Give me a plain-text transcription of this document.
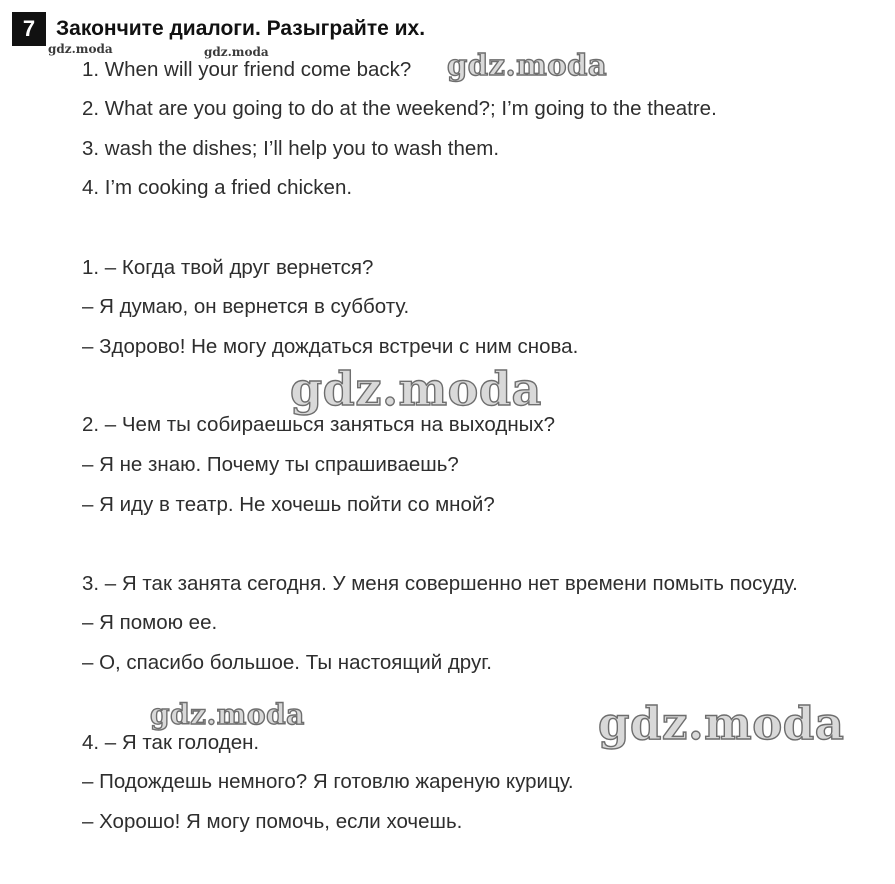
7 Закончите диалоги. Разыграйте их.
1. When will your friend come back?
2. What are you going to do at the weekend?; I’m going to the theatre.
3. wash the dishes; I’ll help you to wash them.
4. I’m cooking a fried chicken.
1. – Когда твой друг вернется?
– Я думаю, он вернется в субботу.
– Здорово! Не могу дождаться встречи с ним снова.
2. – Чем ты собираешься заняться на выходных?
– Я не знаю. Почему ты спрашиваешь?
– Я иду в театр. Не хочешь пойти со мной?
3. – Я так занята сегодня. У меня совершенно нет времени помыть посуду.
– Я помою ее.
– О, спасибо большое. Ты настоящий друг.
4. – Я так голоден.
– Подождешь немного? Я готовлю жареную курицу.
– Хорошо! Я могу помочь, если хочешь.
gdz.moda	gdz.moda	gdz.moda
gdz.moda
gdz.moda	gdz.moda
